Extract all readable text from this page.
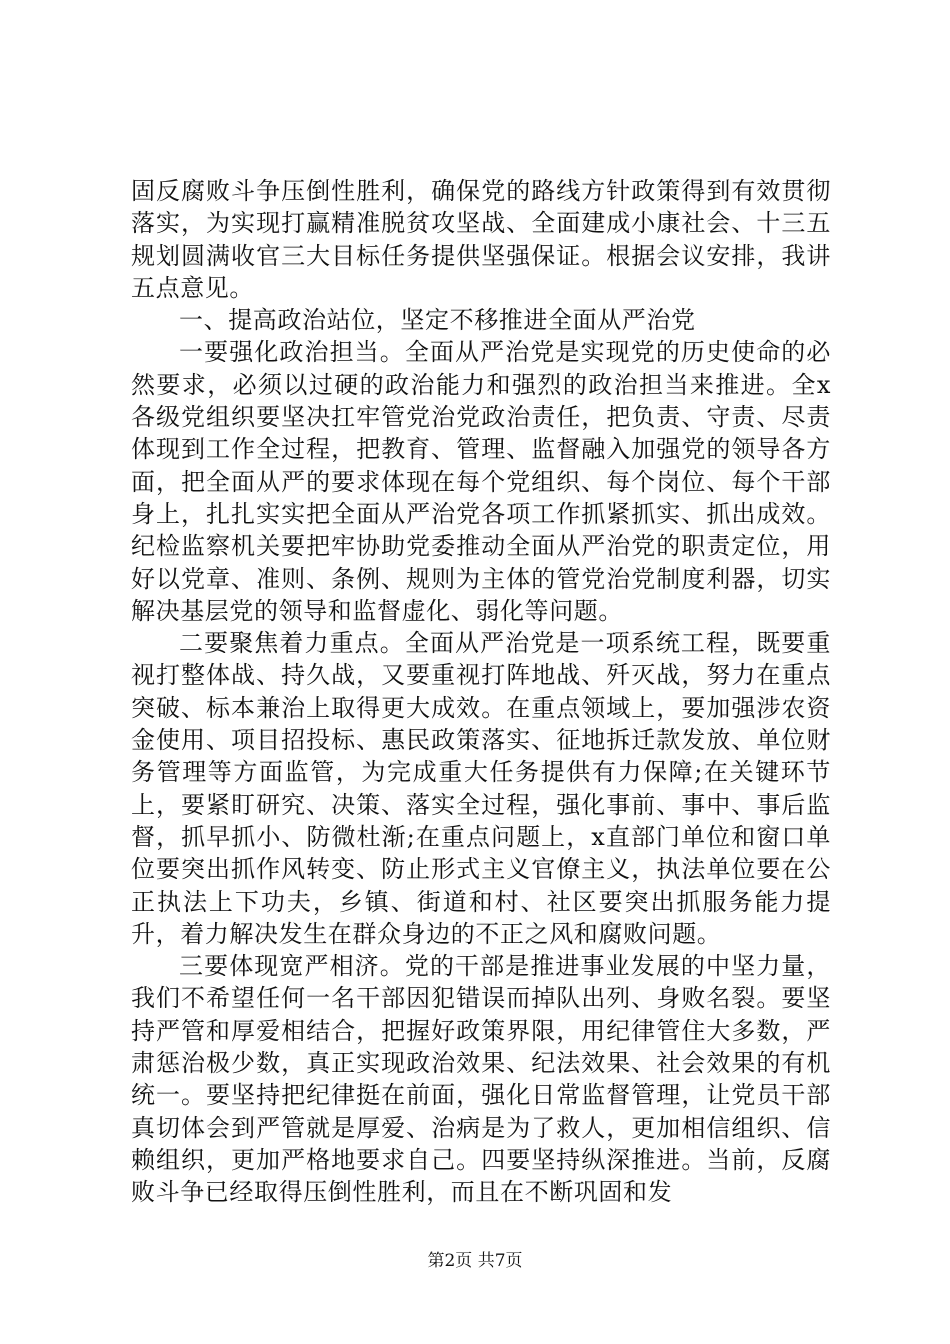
固反腐败斗争压倒性胜利，确保党的路线方针政策得到有效贯彻落实，为实现打赢精准脱贫攻坚战、全面建成小康社会、十三五规划圆满收官三大目标任务提供坚强保证。根据会议安排，我讲五点意见。

一、提高政治站位，坚定不移推进全面从严治党

一要强化政治担当。全面从严治党是实现党的历史使命的必然要求，必须以过硬的政治能力和强烈的政治担当来推进。全x各级党组织要坚决扛牢管党治党政治责任，把负责、守责、尽责体现到工作全过程，把教育、管理、监督融入加强党的领导各方面，把全面从严的要求体现在每个党组织、每个岗位、每个干部身上，扎扎实实把全面从严治党各项工作抓紧抓实、抓出成效。纪检监察机关要把牢协助党委推动全面从严治党的职责定位，用好以党章、准则、条例、规则为主体的管党治党制度利器，切实解决基层党的领导和监督虚化、弱化等问题。

二要聚焦着力重点。全面从严治党是一项系统工程，既要重视打整体战、持久战，又要重视打阵地战、歼灭战，努力在重点突破、标本兼治上取得更大成效。在重点领域上，要加强涉农资金使用、项目招投标、惠民政策落实、征地拆迁款发放、单位财务管理等方面监管，为完成重大任务提供有力保障;在关键环节上，要紧盯研究、决策、落实全过程，强化事前、事中、事后监督，抓早抓小、防微杜渐;在重点问题上，x直部门单位和窗口单位要突出抓作风转变、防止形式主义官僚主义，执法单位要在公正执法上下功夫，乡镇、街道和村、社区要突出抓服务能力提升，着力解决发生在群众身边的不正之风和腐败问题。

三要体现宽严相济。党的干部是推进事业发展的中坚力量，我们不希望任何一名干部因犯错误而掉队出列、身败名裂。要坚持严管和厚爱相结合，把握好政策界限，用纪律管住大多数，严肃惩治极少数，真正实现政治效果、纪法效果、社会效果的有机统一。要坚持把纪律挺在前面，强化日常监督管理，让党员干部真切体会到严管就是厚爱、治病是为了救人，更加相信组织、信赖组织，更加严格地要求自己。四要坚持纵深推进。当前，反腐败斗争已经取得压倒性胜利，而且在不断巩固和发

第2页 共7页
